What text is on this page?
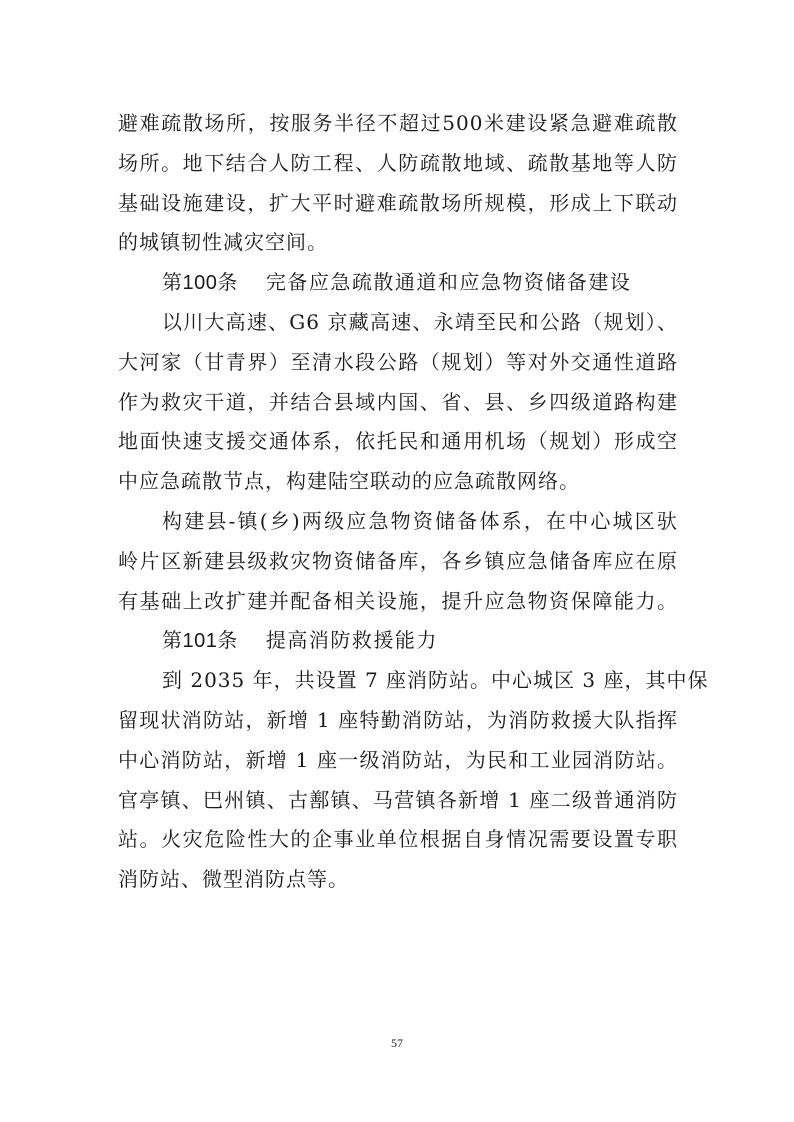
避难疏散场所，按服务半径不超过500米建设紧急避难疏散
场所。地下结合人防工程、人防疏散地域、疏散基地等人防
基础设施建设，扩大平时避难疏散场所规模，形成上下联动
的城镇韧性减灾空间。
第100条 完备应急疏散通道和应急物资储备建设
以川大高速、G6 京藏高速、永靖至民和公路（规划）、
大河家（甘青界）至清水段公路（规划）等对外交通性道路
作为救灾干道，并结合县域内国、省、县、乡四级道路构建
地面快速支援交通体系，依托民和通用机场（规划）形成空
中应急疏散节点，构建陆空联动的应急疏散网络。
构建县-镇(乡)两级应急物资储备体系，在中心城区驮
岭片区新建县级救灾物资储备库，各乡镇应急储备库应在原
有基础上改扩建并配备相关设施，提升应急物资保障能力。
第101条 提高消防救援能力
到 2035 年，共设置 7 座消防站。中心城区 3 座，其中保
留现状消防站，新增 1 座特勤消防站，为消防救援大队指挥
中心消防站，新增 1 座一级消防站，为民和工业园消防站。
官亭镇、巴州镇、古鄯镇、马营镇各新增 1 座二级普通消防
站。火灾危险性大的企事业单位根据自身情况需要设置专职
消防站、微型消防点等。
57
